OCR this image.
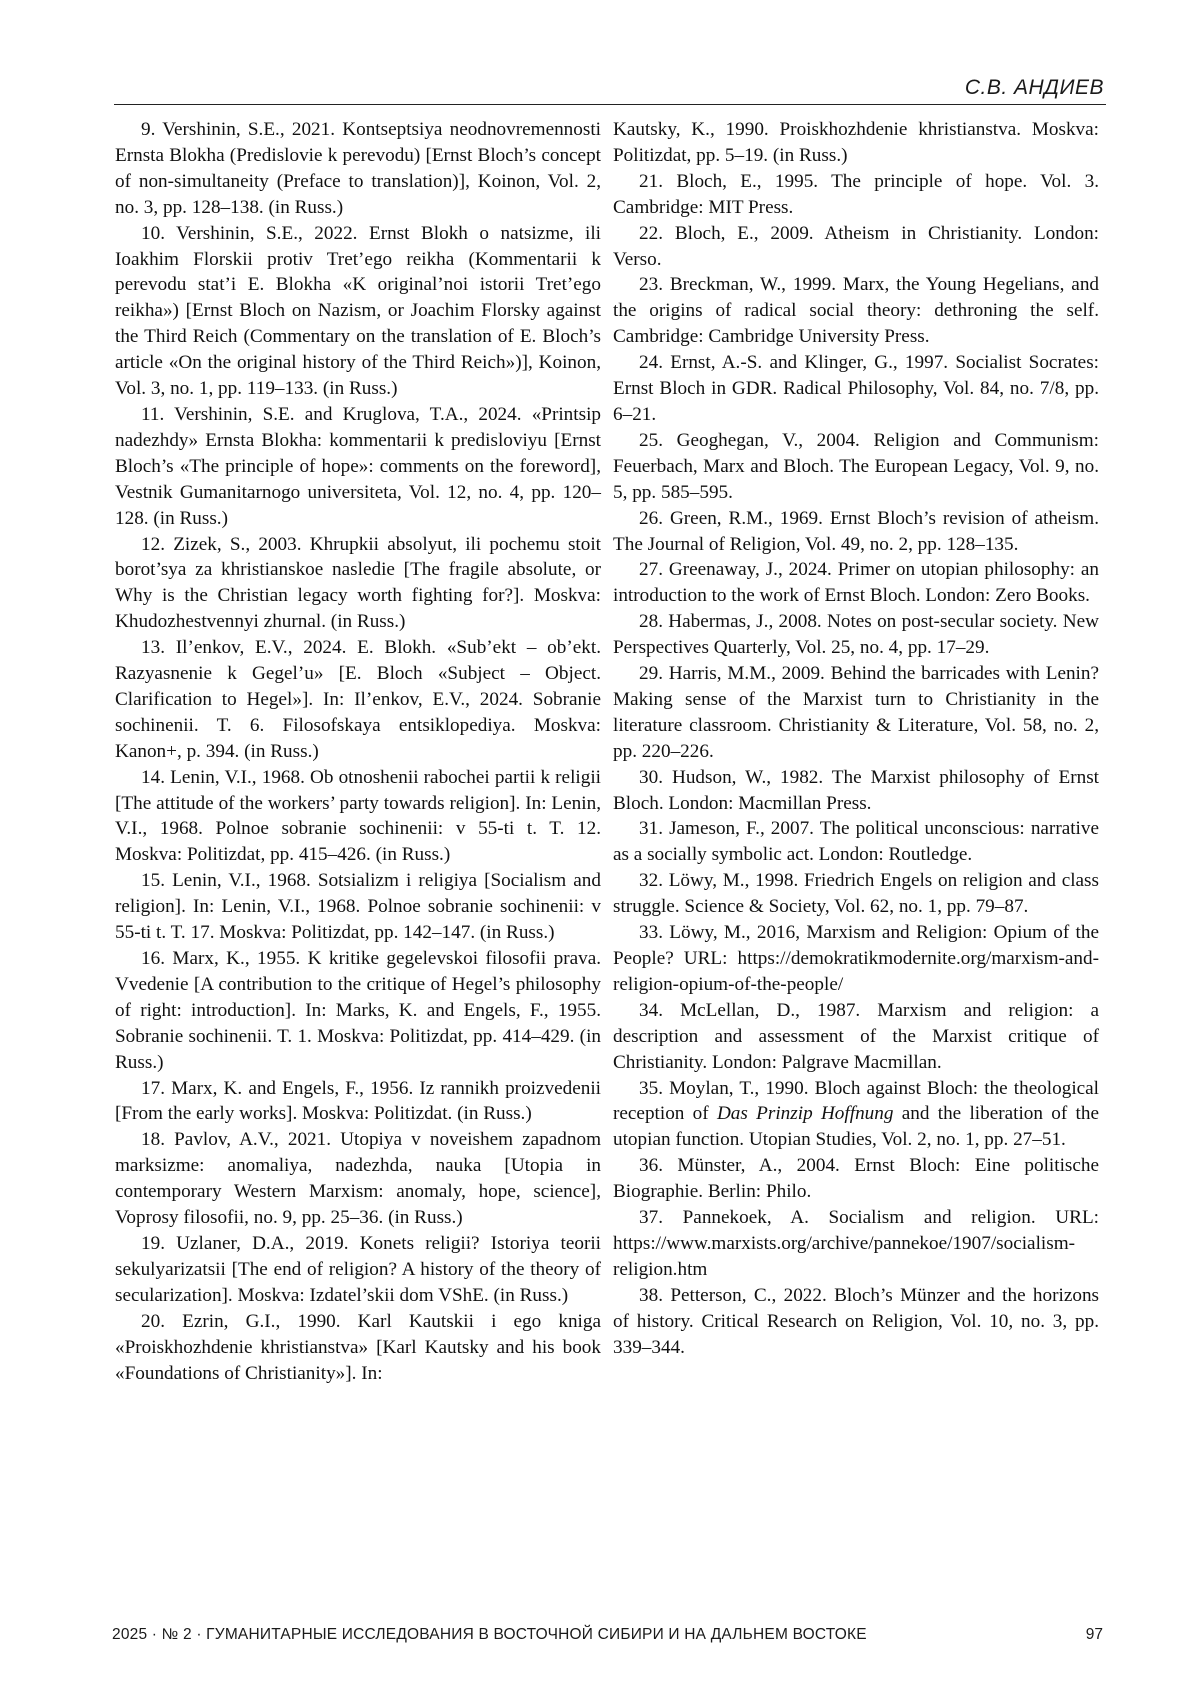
С.В. АНДИЕВ

9. Vershinin, S.E., 2021. Kontseptsiya neodnovremennosti Ernsta Blokha (Predislovie k perevodu) [Ernst Bloch’s concept of non-simultaneity (Preface to translation)], Koinon, Vol. 2, no. 3, pp. 128–138. (in Russ.)

10. Vershinin, S.E., 2022. Ernst Blokh o natsizme, ili Ioakhim Florskii protiv Tret’ego reikha (Kommentarii k perevodu stat’i E. Blokha «K original’noi istorii Tret’ego reikha») [Ernst Bloch on Nazism, or Joachim Florsky against the Third Reich (Commentary on the translation of E. Bloch’s article «On the original history of the Third Reich»)], Koinon, Vol. 3, no. 1, pp. 119–133. (in Russ.)

11. Vershinin, S.E. and Kruglova, T.A., 2024. «Printsip nadezhdy» Ernsta Blokha: kommentarii k predisloviyu [Ernst Bloch’s «The principle of hope»: comments on the foreword], Vestnik Gumanitarnogo universiteta, Vol. 12, no. 4, pp. 120–128. (in Russ.)

12. Zizek, S., 2003. Khrupkii absolyut, ili pochemu stoit borot’sya za khristianskoe nasledie [The fragile absolute, or Why is the Christian legacy worth fighting for?]. Moskva: Khudozhestvennyi zhurnal. (in Russ.)

13. Il’enkov, E.V., 2024. E. Blokh. «Sub’ekt – ob’ekt. Razyasnenie k Gegel’u» [E. Bloch «Subject – Object. Clarification to Hegel»]. In: Il’enkov, E.V., 2024. Sobranie sochinenii. T. 6. Filosofskaya entsiklopediya. Moskva: Kanon+, p. 394. (in Russ.)

14. Lenin, V.I., 1968. Ob otnoshenii rabochei partii k religii [The attitude of the workers’ party towards religion]. In: Lenin, V.I., 1968. Polnoe sobranie sochinenii: v 55-ti t. T. 12. Moskva: Politizdat, pp. 415–426. (in Russ.)

15. Lenin, V.I., 1968. Sotsializm i religiya [Socialism and religion]. In: Lenin, V.I., 1968. Polnoe sobranie sochinenii: v 55-ti t. T. 17. Moskva: Politizdat, pp. 142–147. (in Russ.)

16. Marx, K., 1955. K kritike gegelevskoi filosofii prava. Vvedenie [A contribution to the critique of Hegel’s philosophy of right: introduction]. In: Marks, K. and Engels, F., 1955. Sobranie sochinenii. T. 1. Moskva: Politizdat, pp. 414–429. (in Russ.)

17. Marx, K. and Engels, F., 1956. Iz rannikh proizvedenii [From the early works]. Moskva: Politizdat. (in Russ.)

18. Pavlov, A.V., 2021. Utopiya v noveishem zapadnom marksizme: anomaliya, nadezhda, nauka [Utopia in contemporary Western Marxism: anomaly, hope, science], Voprosy filosofii, no. 9, pp. 25–36. (in Russ.)

19. Uzlaner, D.A., 2019. Konets religii? Istoriya teorii sekulyarizatsii [The end of religion? A history of the theory of secularization]. Moskva: Izdatel’skii dom VShE. (in Russ.)

20. Ezrin, G.I., 1990. Karl Kautskii i ego kniga «Proiskhozhdenie khristianstva» [Karl Kautsky and his book «Foundations of Christianity»]. In:

Kautsky, K., 1990. Proiskhozhdenie khristianstva. Moskva: Politizdat, pp. 5–19. (in Russ.)

21. Bloch, E., 1995. The principle of hope. Vol. 3. Cambridge: MIT Press.

22. Bloch, E., 2009. Atheism in Christianity. London: Verso.

23. Breckman, W., 1999. Marx, the Young Hegelians, and the origins of radical social theory: dethroning the self. Cambridge: Cambridge University Press.

24. Ernst, A.-S. and Klinger, G., 1997. Socialist Socrates: Ernst Bloch in GDR. Radical Philosophy, Vol. 84, no. 7/8, pp. 6–21.

25. Geoghegan, V., 2004. Religion and Communism: Feuerbach, Marx and Bloch. The European Legacy, Vol. 9, no. 5, pp. 585–595.

26. Green, R.M., 1969. Ernst Bloch’s revision of atheism. The Journal of Religion, Vol. 49, no. 2, pp. 128–135.

27. Greenaway, J., 2024. Primer on utopian philosophy: an introduction to the work of Ernst Bloch. London: Zero Books.

28. Habermas, J., 2008. Notes on post-secular society. New Perspectives Quarterly, Vol. 25, no. 4, pp. 17–29.

29. Harris, M.M., 2009. Behind the barricades with Lenin? Making sense of the Marxist turn to Christianity in the literature classroom. Christianity & Literature, Vol. 58, no. 2, pp. 220–226.

30. Hudson, W., 1982. The Marxist philosophy of Ernst Bloch. London: Macmillan Press.

31. Jameson, F., 2007. The political unconscious: narrative as a socially symbolic act. London: Routledge.

32. Löwy, M., 1998. Friedrich Engels on religion and class struggle. Science & Society, Vol. 62, no. 1, pp. 79–87.

33. Löwy, M., 2016, Marxism and Religion: Opium of the People? URL: https://demokratikmodernite.org/marxism-and-religion-opium-of-the-people/

34. McLellan, D., 1987. Marxism and religion: a description and assessment of the Marxist critique of Christianity. London: Palgrave Macmillan.

35. Moylan, T., 1990. Bloch against Bloch: the theological reception of Das Prinzip Hoffnung and the liberation of the utopian function. Utopian Studies, Vol. 2, no. 1, pp. 27–51.

36. Münster, A., 2004. Ernst Bloch: Eine politische Biographie. Berlin: Philo.

37. Pannekoek, A. Socialism and religion. URL: https://www.marxists.org/archive/pannekoe/1907/socialism-religion.htm

38. Petterson, C., 2022. Bloch’s Münzer and the horizons of history. Critical Research on Religion, Vol. 10, no. 3, pp. 339–344.

2025 · № 2 · ГУМАНИТАРНЫЕ ИССЛЕДОВАНИЯ В ВОСТОЧНОЙ СИБИРИ И НА ДАЛЬНЕМ ВОСТОКЕ	97
